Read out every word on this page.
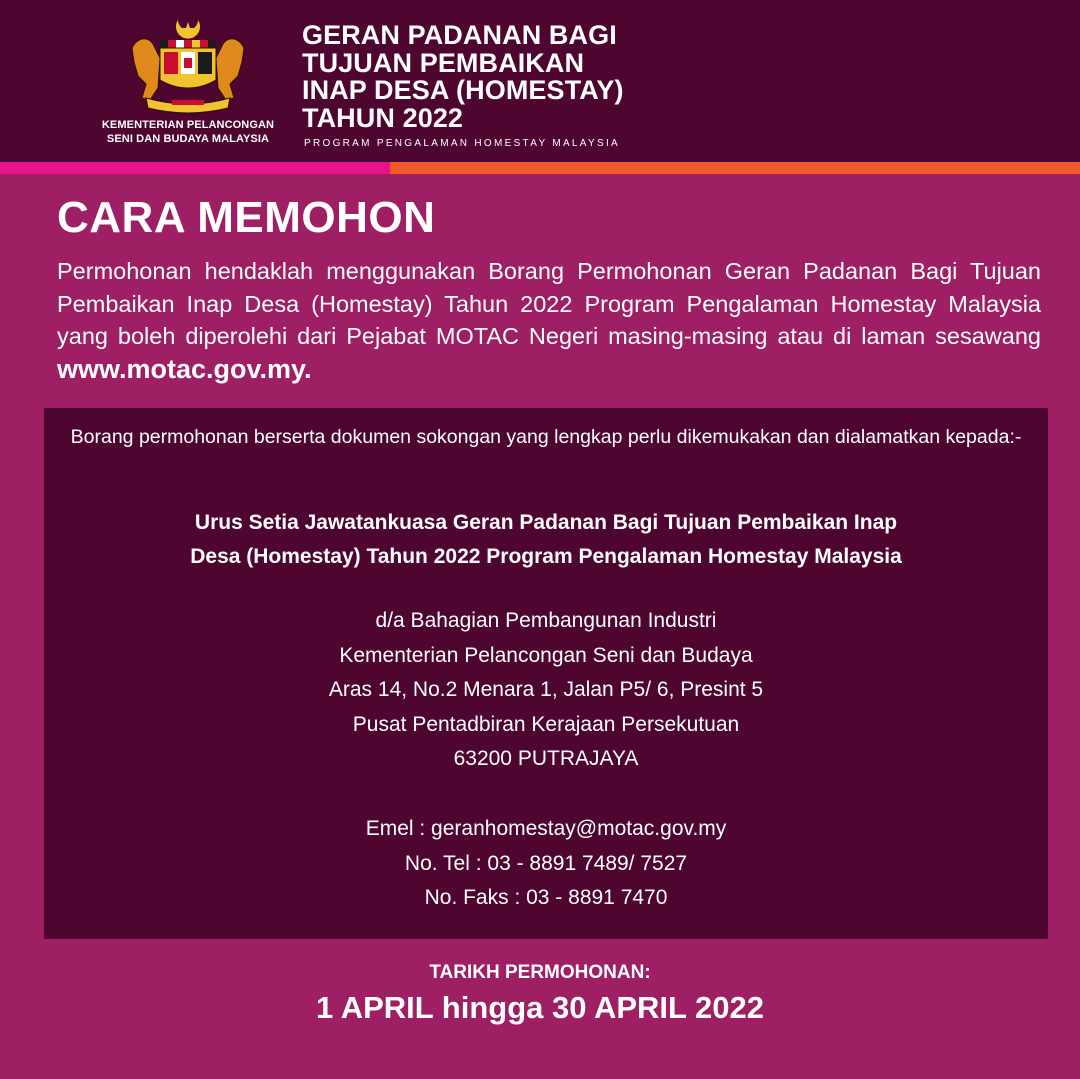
KEMENTERIAN PELANCONGAN
SENI DAN BUDAYA MALAYSIA
GERAN PADANAN BAGI
TUJUAN PEMBAIKAN
INAP DESA (HOMESTAY)
TAHUN 2022
PROGRAM PENGALAMAN HOMESTAY MALAYSIA
CARA MEMOHON
Permohonan hendaklah menggunakan Borang Permohonan Geran Padanan Bagi Tujuan Pembaikan Inap Desa (Homestay) Tahun 2022 Program Pengalaman Homestay Malaysia yang boleh diperolehi dari Pejabat MOTAC Negeri masing-masing atau di laman sesawang www.motac.gov.my.
Borang permohonan berserta dokumen sokongan yang lengkap perlu dikemukakan dan dialamatkan kepada:-
Urus Setia Jawatankuasa Geran Padanan Bagi Tujuan Pembaikan Inap
Desa (Homestay) Tahun 2022 Program Pengalaman Homestay Malaysia
d/a Bahagian Pembangunan Industri
Kementerian Pelancongan Seni dan Budaya
Aras 14, No.2 Menara 1, Jalan P5/ 6, Presint 5
Pusat Pentadbiran Kerajaan Persekutuan
63200 PUTRAJAYA
Emel : geranhomestay@motac.gov.my
No. Tel : 03 - 8891 7489/ 7527
No. Faks : 03 - 8891 7470
TARIKH PERMOHONAN:
1 APRIL hingga 30 APRIL 2022
